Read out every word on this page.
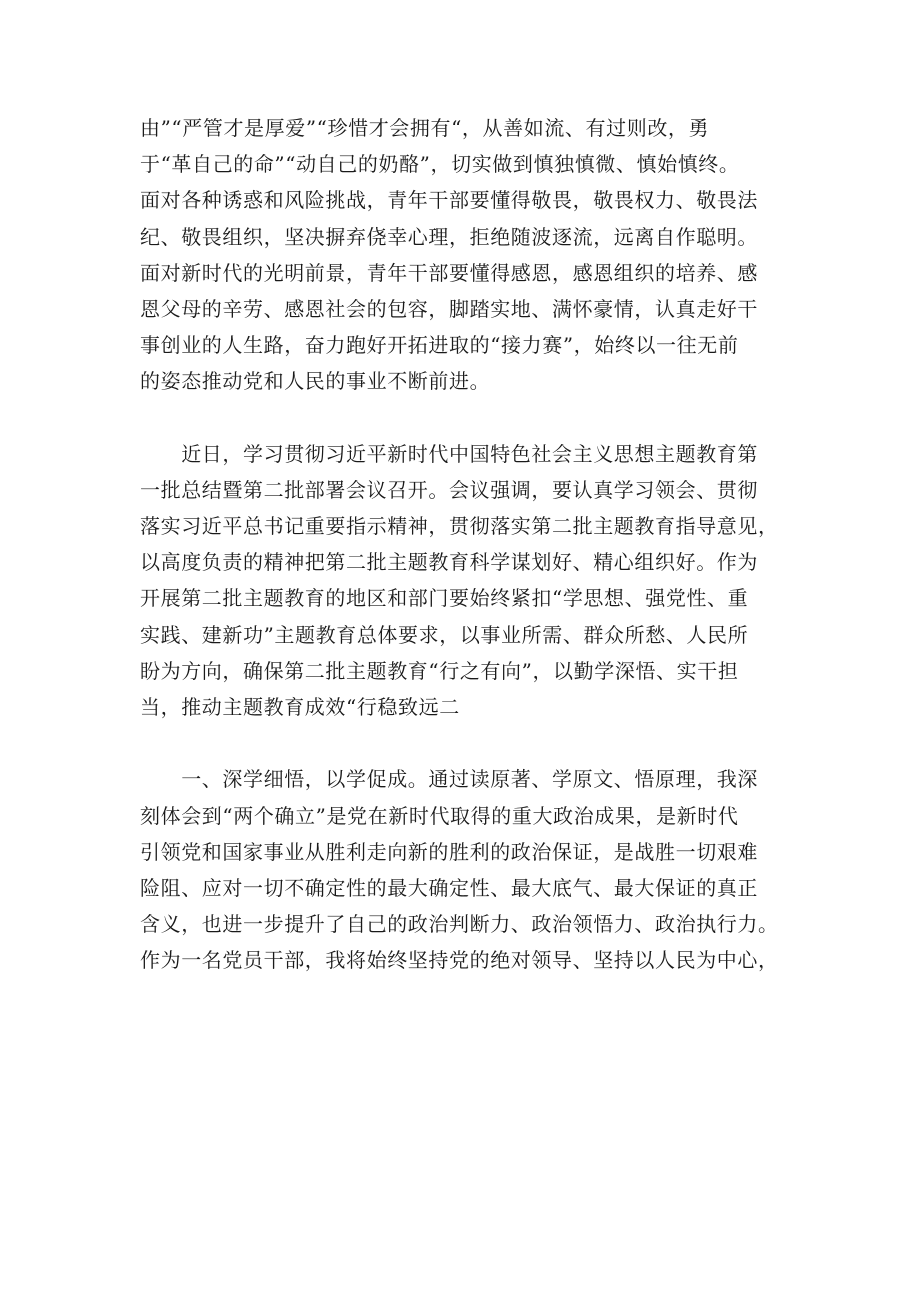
由”“严管才是厚爱”“珍惜才会拥有“，从善如流、有过则改，勇
于“革自己的命”“动自己的奶酪”，切实做到慎独慎微、慎始慎终。
面对各种诱惑和风险挑战，青年干部要懂得敬畏，敬畏权力、敬畏法
纪、敬畏组织，坚决摒弃侥幸心理，拒绝随波逐流，远离自作聪明。
面对新时代的光明前景，青年干部要懂得感恩，感恩组织的培养、感
恩父母的辛劳、感恩社会的包容，脚踏实地、满怀豪情，认真走好干
事创业的人生路，奋力跑好开拓进取的“接力赛”，始终以一往无前
的姿态推动党和人民的事业不断前进。
　　近日，学习贯彻习近平新时代中国特色社会主义思想主题教育第
一批总结暨第二批部署会议召开。会议强调，要认真学习领会、贯彻
落实习近平总书记重要指示精神，贯彻落实第二批主题教育指导意见，
以高度负责的精神把第二批主题教育科学谋划好、精心组织好。作为
开展第二批主题教育的地区和部门要始终紧扣“学思想、强党性、重
实践、建新功”主题教育总体要求，以事业所需、群众所愁、人民所
盼为方向，确保第二批主题教育“行之有向”，以勤学深悟、实干担
当，推动主题教育成效“行稳致远二
　　一、深学细悟，以学促成。通过读原著、学原文、悟原理，我深
刻体会到“两个确立”是党在新时代取得的重大政治成果，是新时代
引领党和国家事业从胜利走向新的胜利的政治保证，是战胜一切艰难
险阻、应对一切不确定性的最大确定性、最大底气、最大保证的真正
含义，也进一步提升了自己的政治判断力、政治领悟力、政治执行力。
作为一名党员干部，我将始终坚持党的绝对领导、坚持以人民为中心，
